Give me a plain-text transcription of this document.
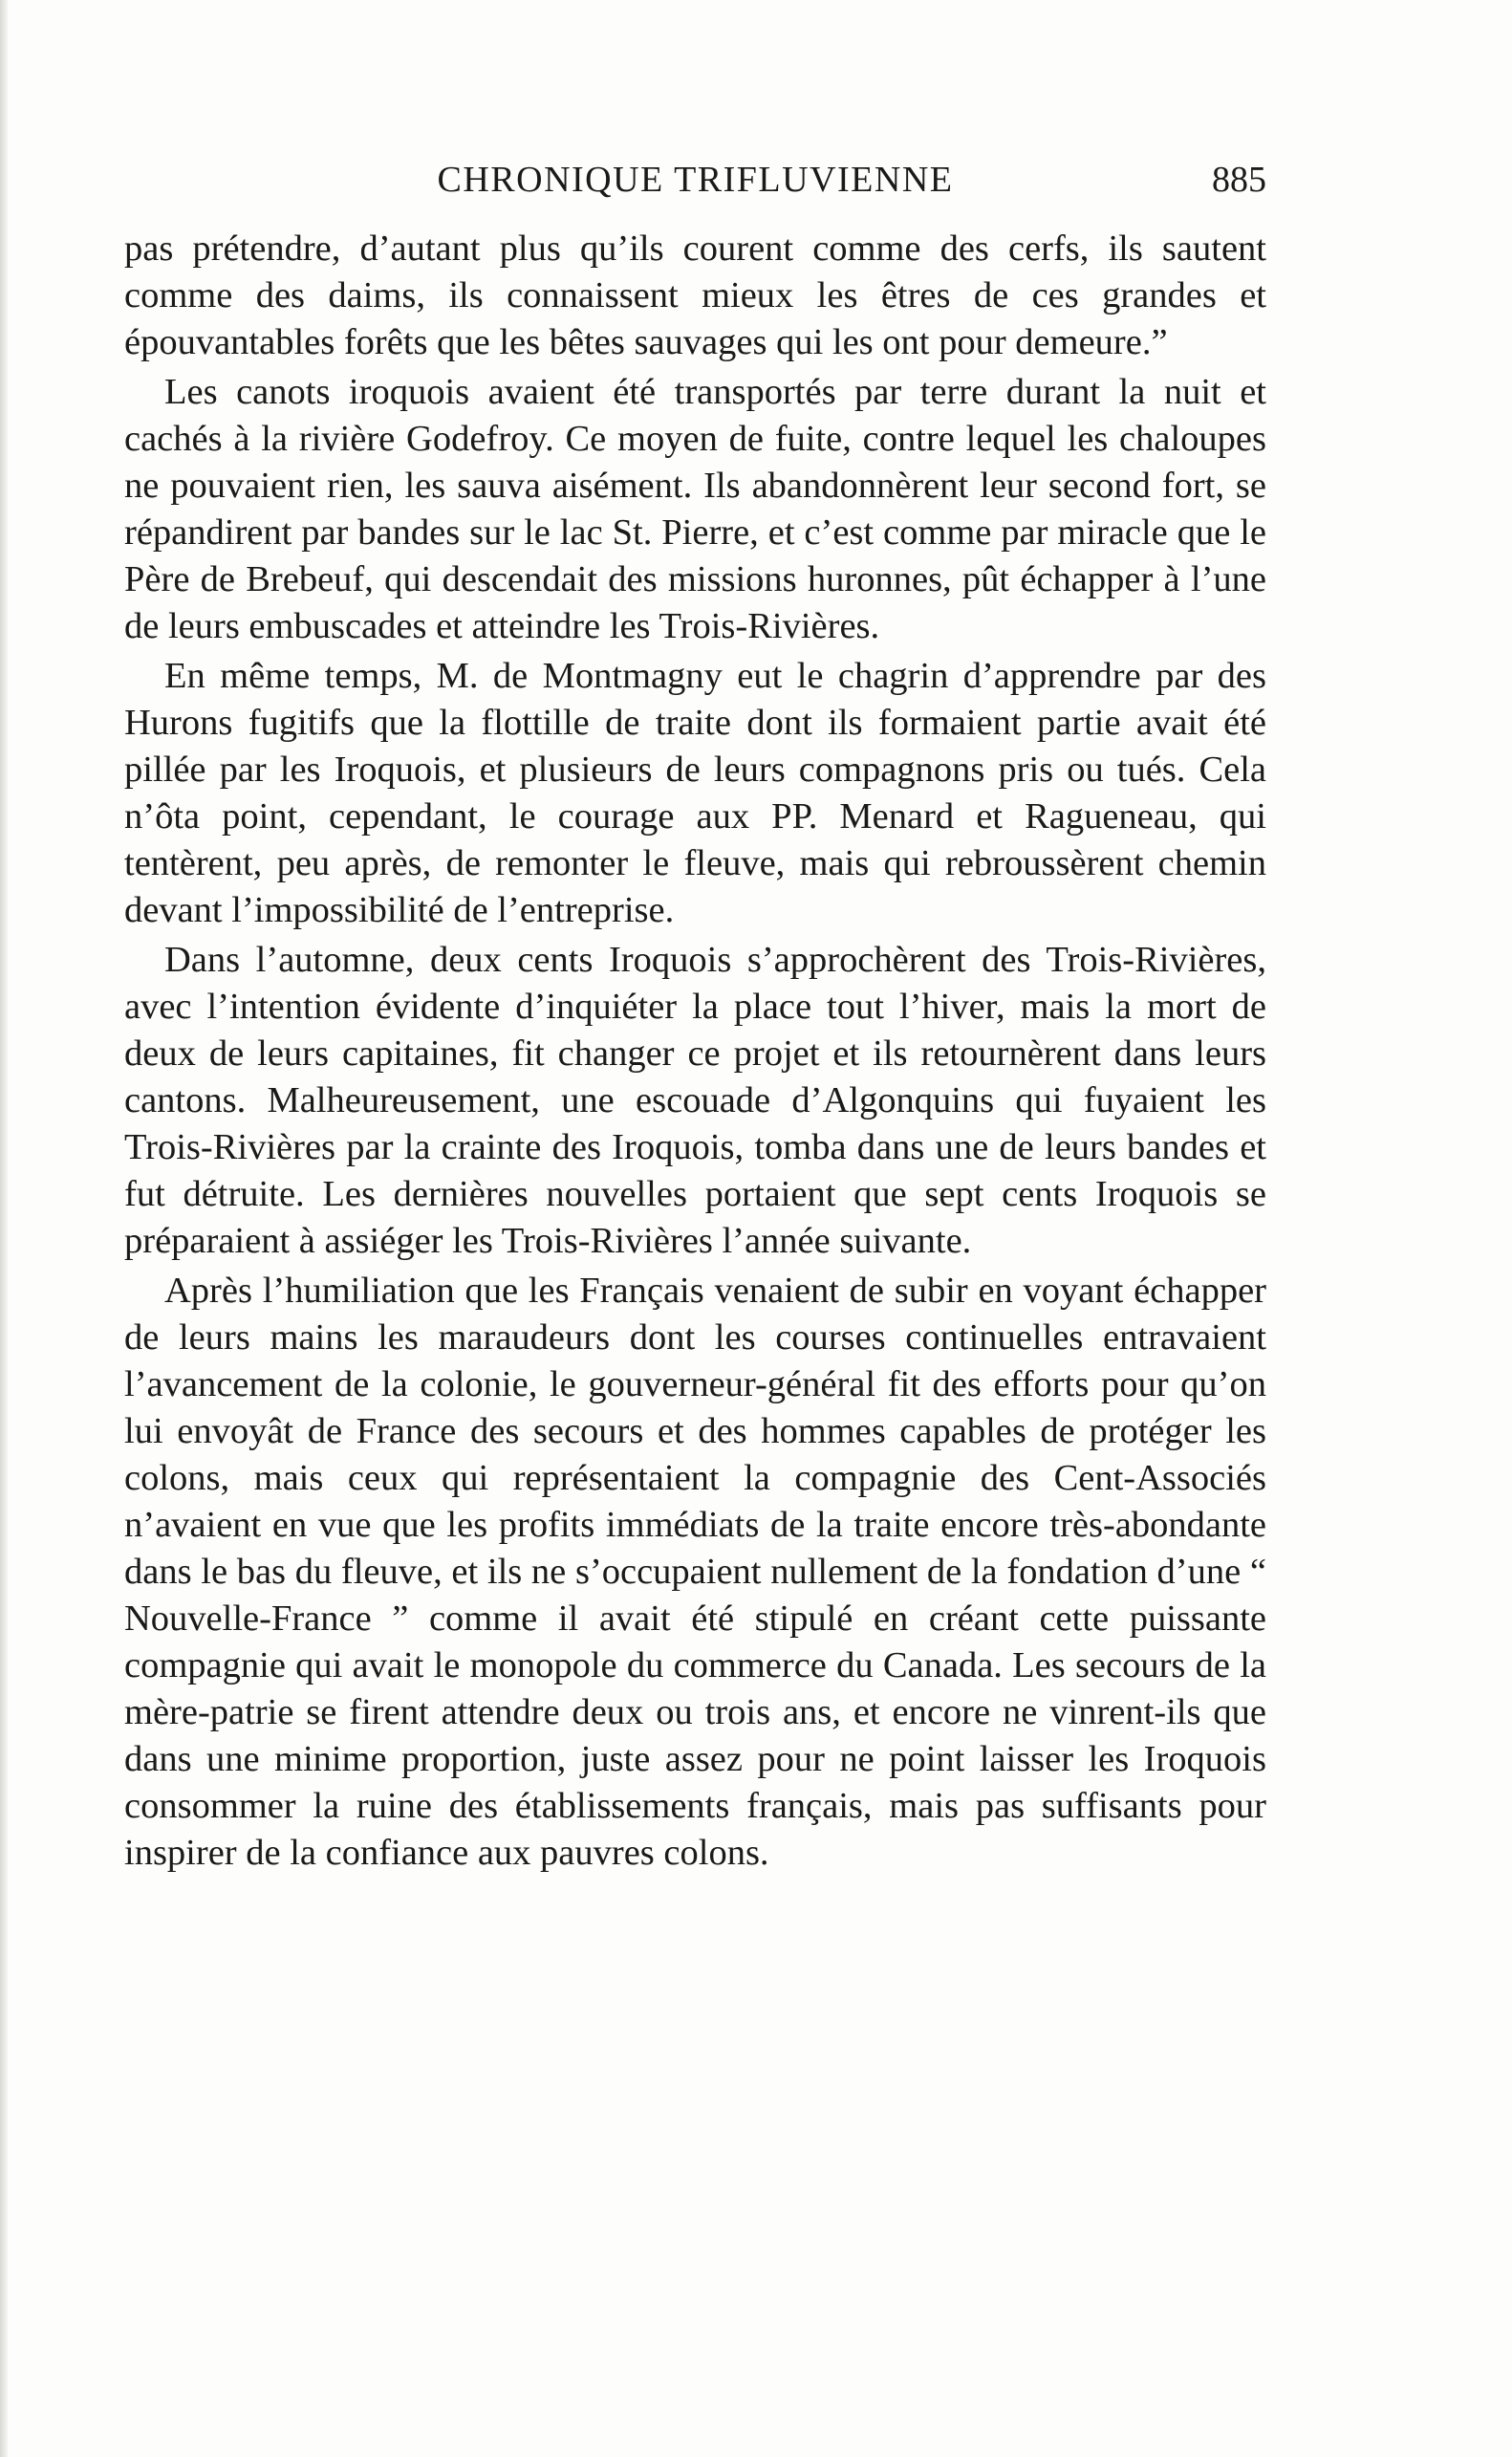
CHRONIQUE TRIFLUVIENNE	885

pas prétendre, d’autant plus qu’ils courent comme des cerfs, ils sautent comme des daims, ils connaissent mieux les êtres de ces grandes et épouvantables forêts que les bêtes sauvages qui les ont pour demeure.”

Les canots iroquois avaient été transportés par terre durant la nuit et cachés à la rivière Godefroy. Ce moyen de fuite, contre lequel les chaloupes ne pouvaient rien, les sauva aisément. Ils abandonnèrent leur second fort, se répandirent par bandes sur le lac St. Pierre, et c’est comme par miracle que le Père de Brebeuf, qui descendait des missions huronnes, pût échapper à l’une de leurs embuscades et atteindre les Trois-Rivières.

En même temps, M. de Montmagny eut le chagrin d’apprendre par des Hurons fugitifs que la flottille de traite dont ils formaient partie avait été pillée par les Iroquois, et plusieurs de leurs compagnons pris ou tués. Cela n’ôta point, cependant, le courage aux PP. Menard et Ragueneau, qui tentèrent, peu après, de remonter le fleuve, mais qui rebroussèrent chemin devant l’impossibilité de l’entreprise.

Dans l’automne, deux cents Iroquois s’approchèrent des Trois-Rivières, avec l’intention évidente d’inquiéter la place tout l’hiver, mais la mort de deux de leurs capitaines, fit changer ce projet et ils retournèrent dans leurs cantons. Malheureusement, une escouade d’Algonquins qui fuyaient les Trois-Rivières par la crainte des Iroquois, tomba dans une de leurs bandes et fut détruite. Les dernières nouvelles portaient que sept cents Iroquois se préparaient à assiéger les Trois-Rivières l’année suivante.

Après l’humiliation que les Français venaient de subir en voyant échapper de leurs mains les maraudeurs dont les courses continuelles entravaient l’avancement de la colonie, le gouverneur-général fit des efforts pour qu’on lui envoyât de France des secours et des hommes capables de protéger les colons, mais ceux qui représentaient la compagnie des Cent-Associés n’avaient en vue que les profits immédiats de la traite encore très-abondante dans le bas du fleuve, et ils ne s’occupaient nullement de la fondation d’une “ Nouvelle-France ” comme il avait été stipulé en créant cette puissante compagnie qui avait le monopole du commerce du Canada. Les secours de la mère-patrie se firent attendre deux ou trois ans, et encore ne vinrent-ils que dans une minime proportion, juste assez pour ne point laisser les Iroquois consommer la ruine des établissements français, mais pas suffisants pour inspirer de la confiance aux pauvres colons.
